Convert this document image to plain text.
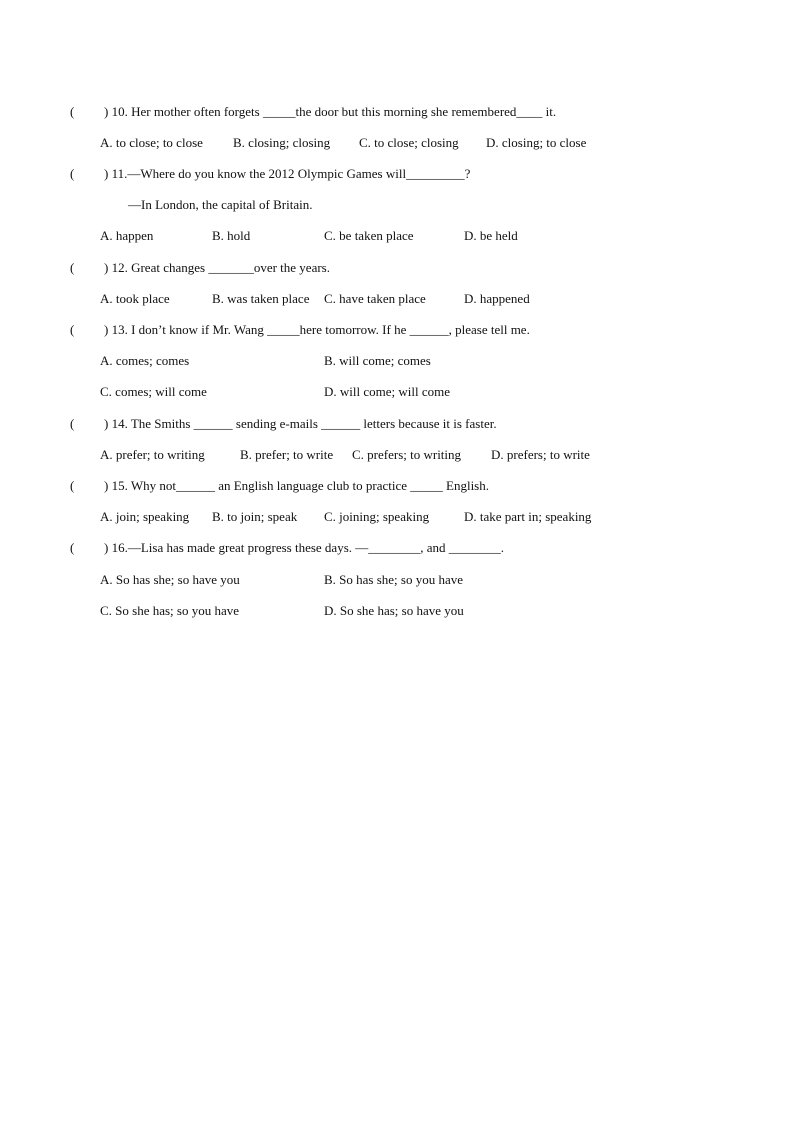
( ) 10. Her mother often forgets _____the door but this morning she remembered____ it.
A. to close; to close B. closing; closing C. to close; closing D. closing; to close
( ) 11.—Where do you know the 2012 Olympic Games will_________?
—In London, the capital of Britain.
A. happen	B. hold	C. be taken place	D. be held
( ) 12. Great changes _______over the years.
A. took place	B. was taken place C. have taken place	D. happened
( ) 13. I don’t know if Mr. Wang _____here tomorrow. If he ______, please tell me.
A. comes; comes	B. will come; comes
C. comes; will come	D. will come; will come
( ) 14. The Smiths ______ sending e-mails ______ letters because it is faster.
A. prefer; to writing	B. prefer; to write C. prefers; to writing D. prefers; to write
( ) 15. Why not______ an English language club to practice _____ English.
A. join; speaking B. to join; speak C. joining; speaking	D. take part in; speaking
( ) 16.—Lisa has made great progress these days. —________, and ________.
A. So has she; so have you	B. So has she; so you have
C. So she has; so you have	D. So she has; so have you
